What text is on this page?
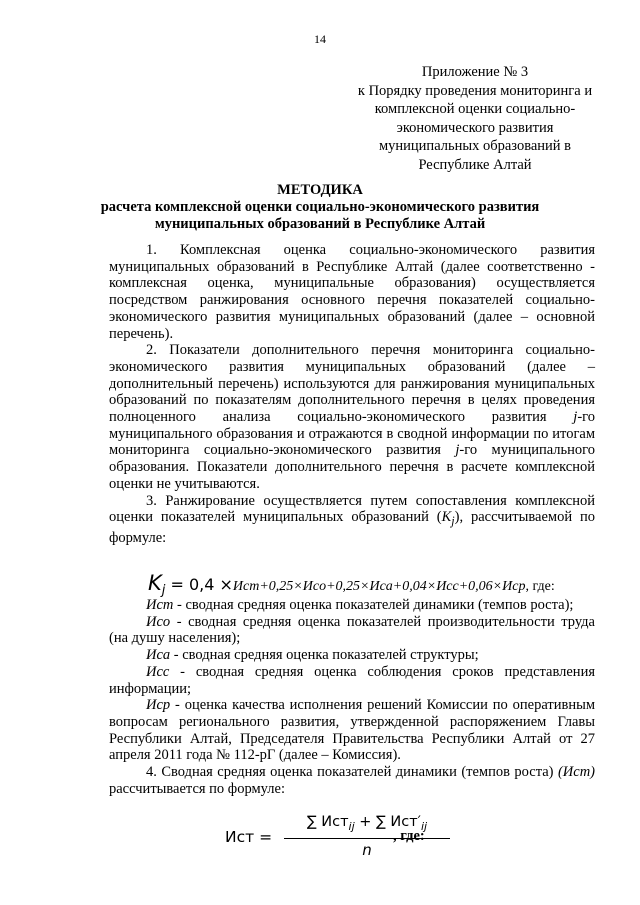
14
Приложение № 3
к Порядку проведения мониторинга и
комплексной оценки социально-
экономического развития
муниципальных образований в
Республике Алтай
МЕТОДИКА
расчета комплексной оценки социально-экономического развития
муниципальных образований в Республике Алтай

1. Комплексная оценка социально-экономического развития муниципальных образований в Республике Алтай (далее соответственно - комплексная оценка, муниципальные образования) осуществляется посредством ранжирования основного перечня показателей социально-экономического развития муниципальных образований (далее – основной перечень).

2. Показатели дополнительного перечня мониторинга социально-экономического развития муниципальных образований (далее – дополнительный перечень) используются для ранжирования муниципальных образований по показателям дополнительного перечня в целях проведения полноценного анализа социально-экономического развития j-го муниципального образования и отражаются в сводной информации по итогам мониторинга социально-экономического развития j-го муниципального образования. Показатели дополнительного перечня в расчете комплексной оценки не учитываются.

3. Ранжирование осуществляется путем сопоставления комплексной оценки показателей муниципальных образований $(K_j)$, рассчитываемой по формуле:

$K_j = 0,4 \times Иcт+0,25\times Иcо+0,25\times Иcа+0,04\times Иcс+0,06\times Иcр$, где:

Иcт - сводная средняя оценка показателей динамики (темпов роста);

Иcо - сводная средняя оценка показателей производительности труда (на душу населения);

Иcа - сводная средняя оценка показателей структуры;

Иcс - сводная средняя оценка соблюдения сроков представления информации;

Иcр - оценка качества исполнения решений Комиссии по оперативным вопросам регионального развития, утвержденной распоряжением Главы Республики Алтай, Председателя Правительства Республики Алтай от 27 апреля 2011 года № 112-рГ (далее – Комиссия).

4. Сводная средняя оценка показателей динамики (темпов роста) (Иcт) рассчитывается по формуле:

Иcт =
∑ Иcт$_{ij}$ + ∑ $Иcт'_{ij}$
n
, где:
